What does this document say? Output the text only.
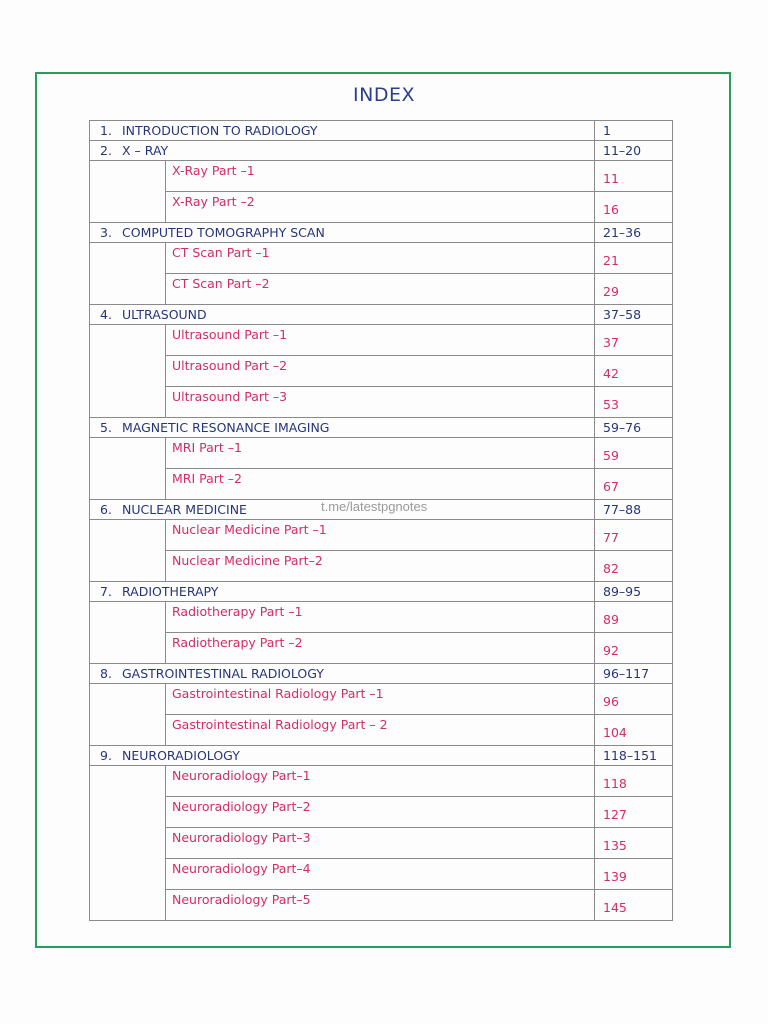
INDEX
1. INTRODUCTION TO RADIOLOGY		1
2. X – RAY		11–20
	X-Ray Part –1	11
	X-Ray Part –2	16
3. COMPUTED TOMOGRAPHY SCAN		21–36
	CT Scan Part –1	21
	CT Scan Part –2	29
4. ULTRASOUND		37–58
	Ultrasound Part –1	37
	Ultrasound Part –2	42
	Ultrasound Part –3	53
5. MAGNETIC RESONANCE IMAGING		59–76
	MRI Part –1	59
	MRI Part –2	67
6. NUCLEAR MEDICINE		77–88
	Nuclear Medicine Part –1	77
	Nuclear Medicine Part–2	82
7. RADIOTHERAPY		89–95
	Radiotherapy Part –1	89
	Radiotherapy Part –2	92
8. GASTROINTESTINAL RADIOLOGY		96–117
	Gastrointestinal Radiology Part –1	96
	Gastrointestinal Radiology Part – 2	104
9. NEURORADIOLOGY		118–151
	Neuroradiology Part–1	118
	Neuroradiology Part–2	127
	Neuroradiology Part–3	135
	Neuroradiology Part–4	139
	Neuroradiology Part–5	145
t.me/latestpgnotes
